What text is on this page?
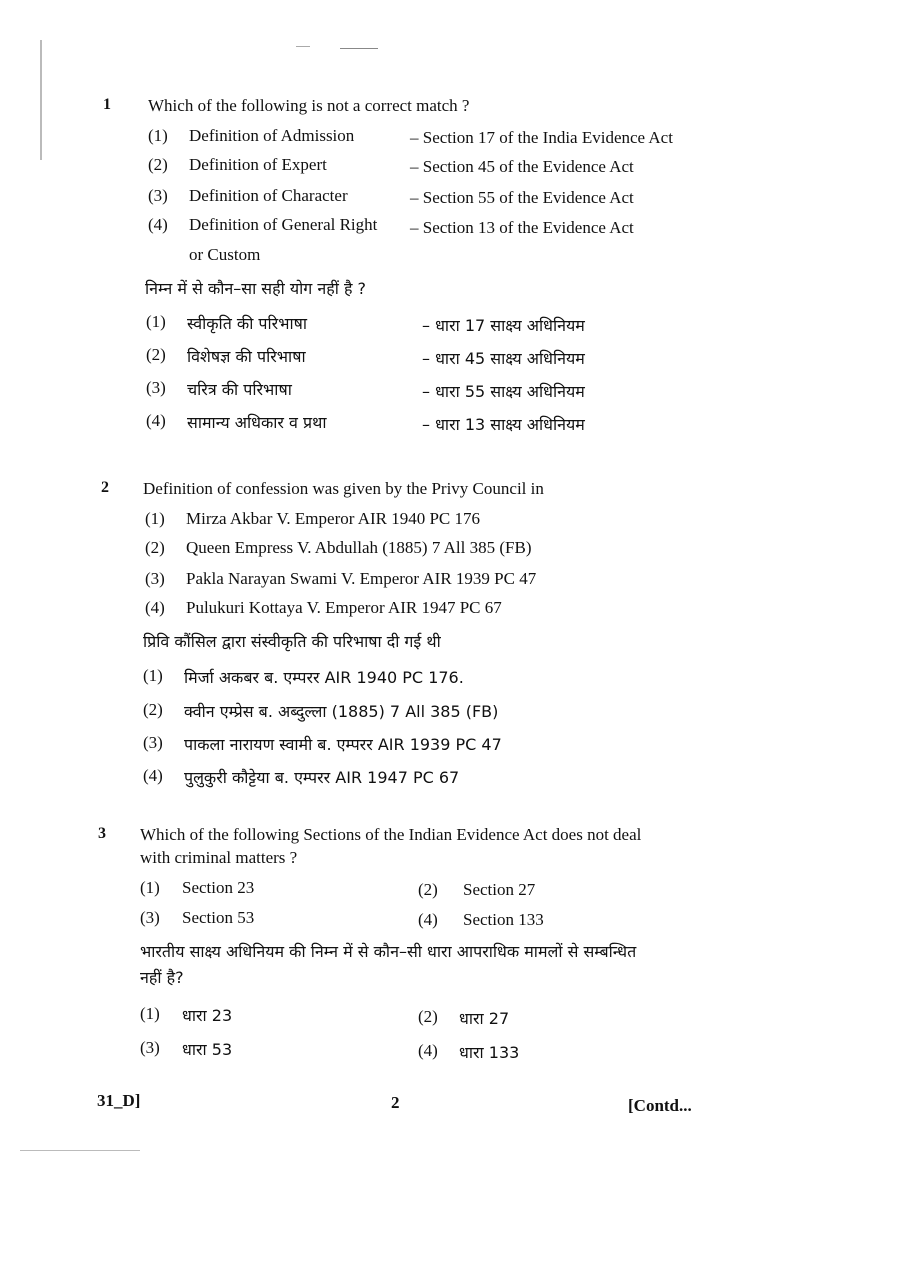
1 Which of the following is not a correct match ?
(1) Definition of Admission	– Section 17 of the India Evidence Act
(2) Definition of Expert	– Section 45 of the Evidence Act
(3) Definition of Character	– Section 55 of the Evidence Act
(4) Definition of General Right – Section 13 of the Evidence Act
or Custom
निम्न में से कौन–सा सही योग नहीं है ?
(1) स्वीकृति की परिभाषा	– धारा 17 साक्ष्य अधिनियम
(2) विशेषज्ञ की परिभाषा	– धारा 45 साक्ष्य अधिनियम
(3) चरित्र की परिभाषा	– धारा 55 साक्ष्य अधिनियम
(4) सामान्य अधिकार व प्रथा	– धारा 13 साक्ष्य अधिनियम
2 Definition of confession was given by the Privy Council in
(1) Mirza Akbar V. Emperor AIR 1940 PC 176
(2) Queen Empress V. Abdullah (1885) 7 All 385 (FB)
(3) Pakla Narayan Swami V. Emperor AIR 1939 PC 47
(4) Pulukuri Kottaya V. Emperor AIR 1947 PC 67
प्रिवि कौंसिल द्वारा संस्वीकृति की परिभाषा दी गई थी
(1) मिर्जा अकबर ब. एम्परर AIR 1940 PC 176.
(2) क्वीन एम्प्रेस ब. अब्दुल्ला (1885) 7 All 385 (FB)
(3) पाकला नारायण स्वामी ब. एम्परर AIR 1939 PC 47
(4) पुलुकुरी कौट्टेया ब. एम्परर AIR 1947 PC 67
3 Which of the following Sections of the Indian Evidence Act does not deal
with criminal matters ?
(1) Section 23	(2) Section 27
(3) Section 53	(4) Section 133
भारतीय साक्ष्य अधिनियम की निम्न में से कौन–सी धारा आपराधिक मामलों से सम्बन्धित
नहीं है?
(1) धारा 23	(2) धारा 27
(3) धारा 53	(4) धारा 133
31_D]	2	[Contd...
